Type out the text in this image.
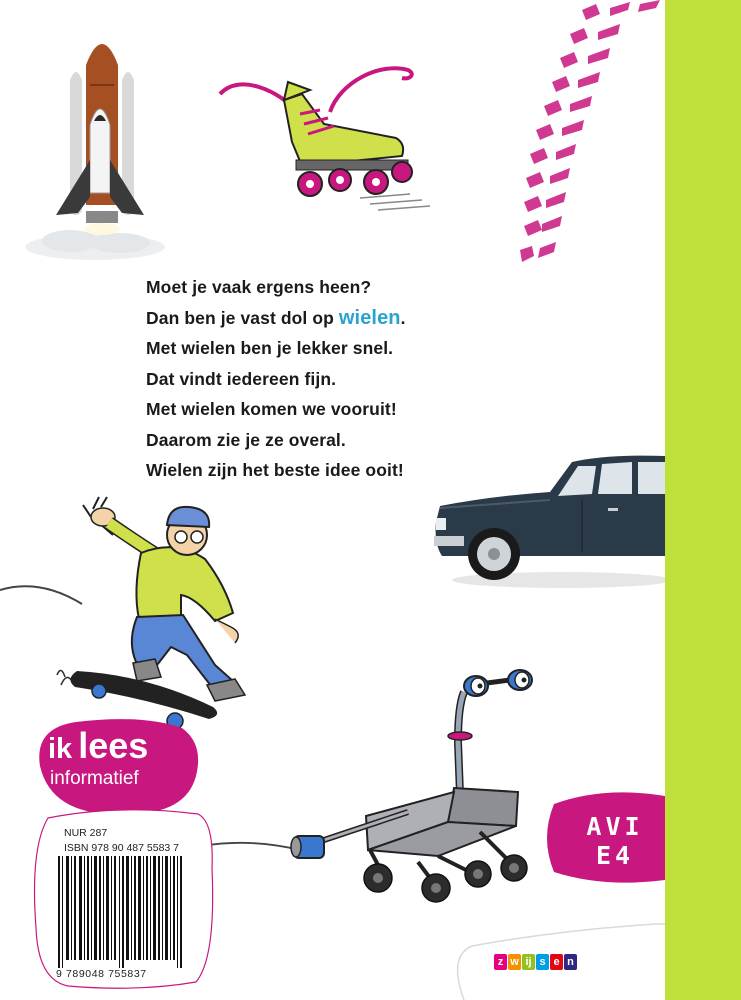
Moet je vaak ergens heen?
Dan ben je vast dol op wielen.
Met wielen ben je lekker snel.
Dat vindt iedereen fijn.
Met wielen komen we vooruit!
Daarom zie je ze overal.
Wielen zijn het beste idee ooit!
ik lees
informatief
NUR 287
ISBN 978 90 487 5583 7
9 789048 755837
AVI
E4
z w ij s e n
